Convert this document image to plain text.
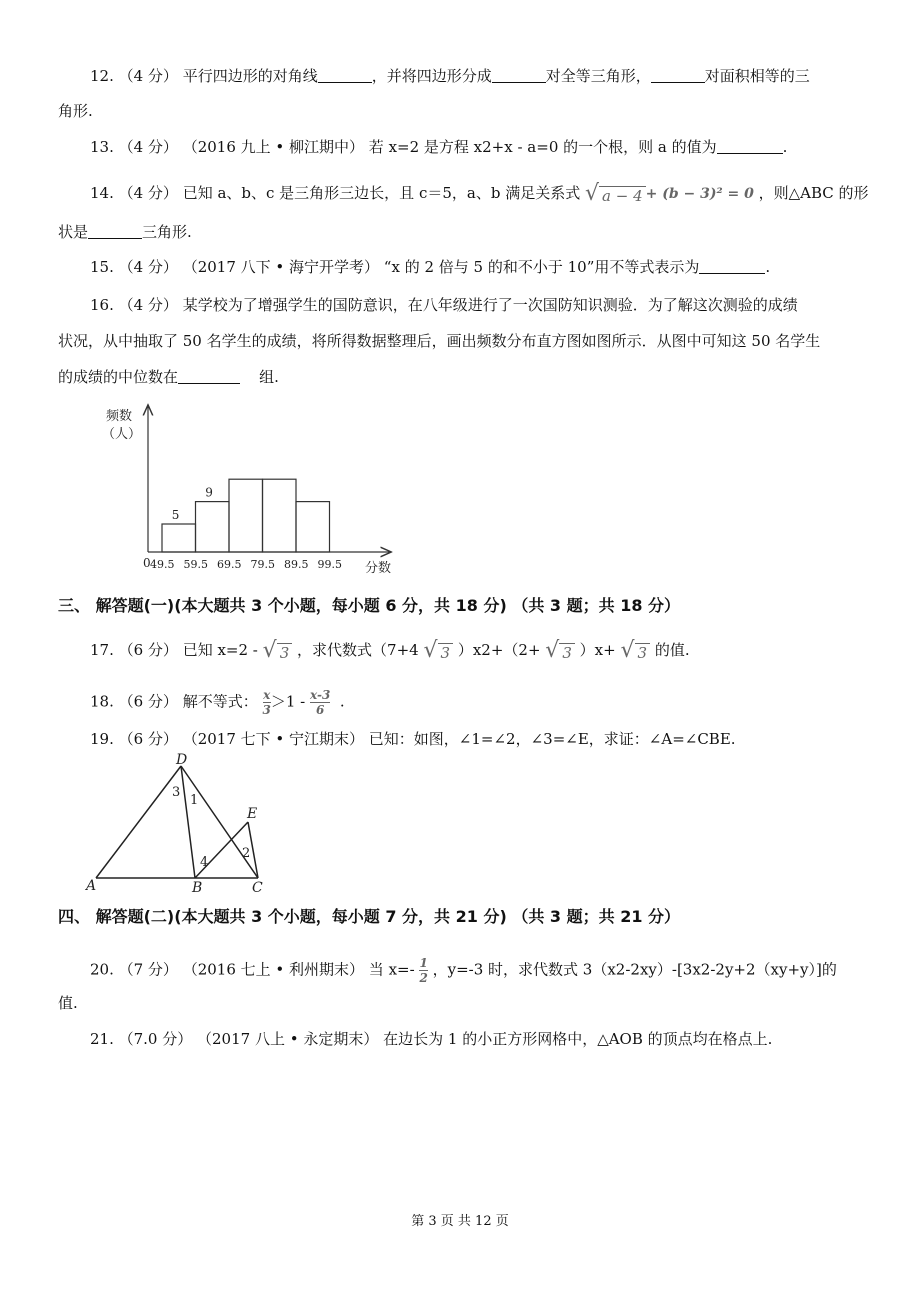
12. （4 分） 平行四边形的对角线	，并将四边形分成	对全等三角形，	对面积相等的三
角形.
13. （4 分） （2016 九上 • 柳江期中） 若 x=2 是方程 x2+x - a=0 的一个根，则 a 的值为	.
14. （4 分） 已知 a、b、c 是三角形三边长，且 c＝5，a、b 满足关系式 √ a − 4 + (b − 3)² = 0 ，则△ABC 的形
状是	三角形.
15. （4 分） （2017 八下 • 海宁开学考） “x 的 2 倍与 5 的和不小于 10”用不等式表示为	.
16. （4 分） 某学校为了增强学生的国防意识，在八年级进行了一次国防知识测验．为了解这次测验的成绩
状况，从中抽取了 50 名学生的成绩，将所得数据整理后，画出频数分布直方图如图所示．从图中可知这 50 名学生
的成绩的中位数在	组.
频数
（人）
0	分数
49.5 59.5 69.5 79.5 89.5 99.5
5
9
三、 解答题(一)(本大题共 3 个小题，每小题 6 分，共 18 分) （共 3 题；共 18 分）
17. （6 分） 已知 x=2 - √ 3 ，求代数式（7+4 √ 3 ）x2+（2+ √ 3 ）x+ √ 3 的值.
18. （6 分） 解不等式： $\frac{x}{3} >1 - \frac{x-3}{6}$ .
19. （6 分） （2017 七下 • 宁江期末） 已知：如图，∠1=∠2，∠3=∠E，求证：∠A=∠CBE.
D
A	B	C
E
3
1
2
4
四、 解答题(二)(本大题共 3 个小题，每小题 7 分，共 21 分) （共 3 题；共 21 分）
20. （7 分） （2016 七上 • 利州期末） 当 $x=- \frac{1}{2}$ ，y=-3 时，求代数式 3（x2-2xy）-[3x2-2y+2（xy+y）]的
值.
21. （7.0 分） （2017 八上 • 永定期末） 在边长为 1 的小正方形网格中，△AOB 的顶点均在格点上.
第 3 页 共 12 页
